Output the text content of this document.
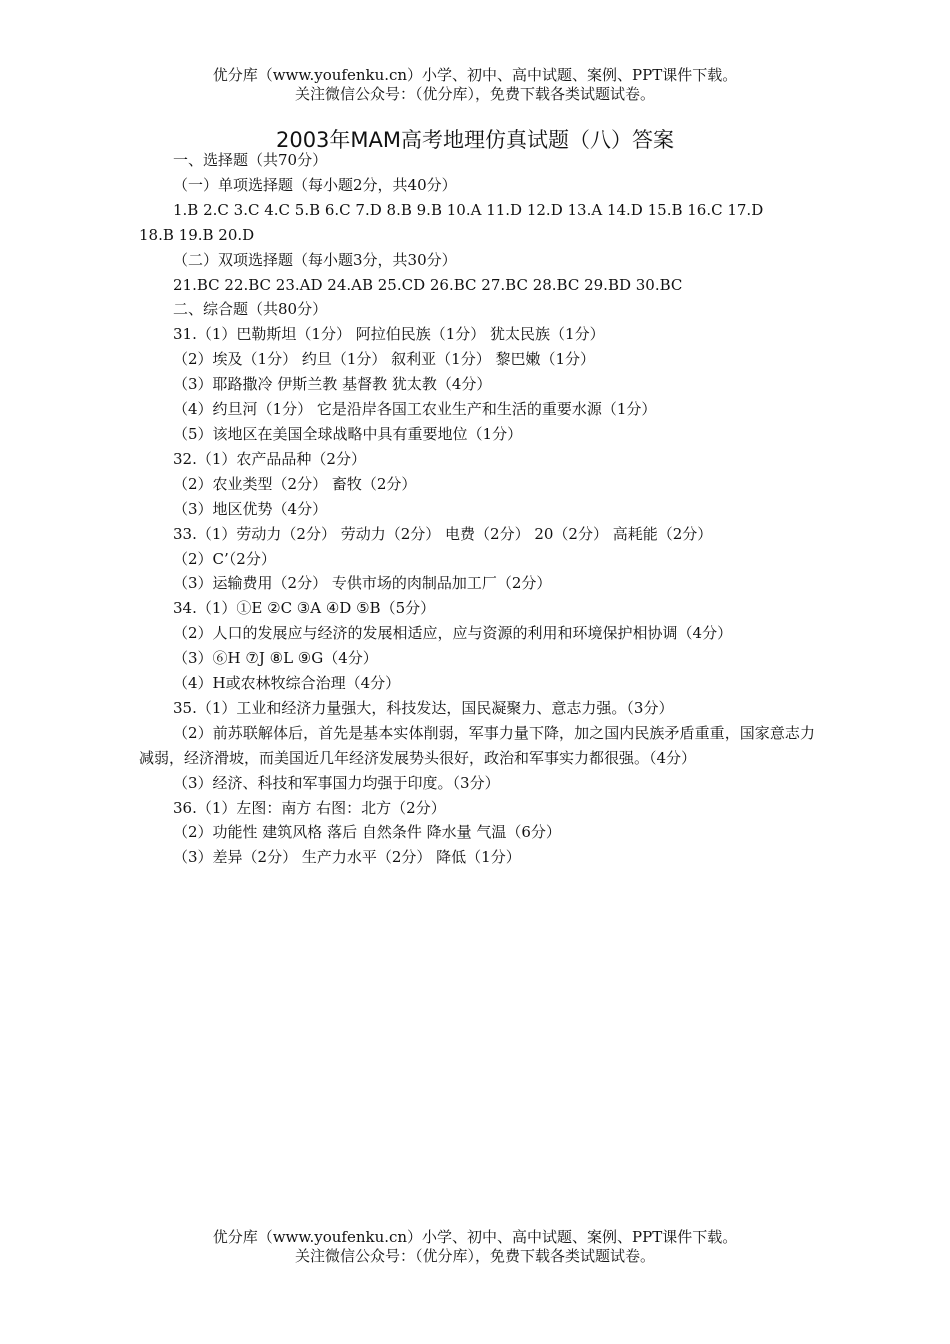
优分库（www.youfenku.cn）小学、初中、高中试题、案例、PPT课件下载。
关注微信公众号：（优分库），免费下载各类试题试卷。
2003年MAM高考地理仿真试题（八）答案
一、选择题（共70分）
（一）单项选择题（每小题2分，共40分）
1.B 2.C 3.C 4.C 5.B 6.C 7.D 8.B 9.B 10.A 11.D 12.D 13.A 14.D 15.B 16.C 17.D
18.B 19.B 20.D
（二）双项选择题（每小题3分，共30分）
21.BC 22.BC 23.AD 24.AB 25.CD 26.BC 27.BC 28.BC 29.BD 30.BC
二、综合题（共80分）
31.（1）巴勒斯坦（1分） 阿拉伯民族（1分） 犹太民族（1分）
（2）埃及（1分） 约旦（1分） 叙利亚（1分） 黎巴嫩（1分）
（3）耶路撒冷 伊斯兰教 基督教 犹太教（4分）
（4）约旦河（1分） 它是沿岸各国工农业生产和生活的重要水源（1分）
（5）该地区在美国全球战略中具有重要地位（1分）
32.（1）农产品品种（2分）
（2）农业类型（2分） 畜牧（2分）
（3）地区优势（4分）
33.（1）劳动力（2分） 劳动力（2分） 电费（2分） 20（2分） 高耗能（2分）
（2）C’（2分）
（3）运输费用（2分） 专供市场的肉制品加工厂（2分）
34.（1）①E ②C ③A ④D ⑤B（5分）
（2）人口的发展应与经济的发展相适应，应与资源的利用和环境保护相协调（4分）
（3）⑥H ⑦J ⑧L ⑨G（4分）
（4）H或农林牧综合治理（4分）
35.（1）工业和经济力量强大，科技发达，国民凝聚力、意志力强。（3分）
（2）前苏联解体后，首先是基本实体削弱，军事力量下降，加之国内民族矛盾重重，国家意志力减弱，经济滑坡，而美国近几年经济发展势头很好，政治和军事实力都很强。（4分）
（3）经济、科技和军事国力均强于印度。（3分）
36.（1）左图：南方 右图：北方（2分）
（2）功能性 建筑风格 落后 自然条件 降水量 气温（6分）
（3）差异（2分） 生产力水平（2分） 降低（1分）
优分库（www.youfenku.cn）小学、初中、高中试题、案例、PPT课件下载。
关注微信公众号：（优分库），免费下载各类试题试卷。
